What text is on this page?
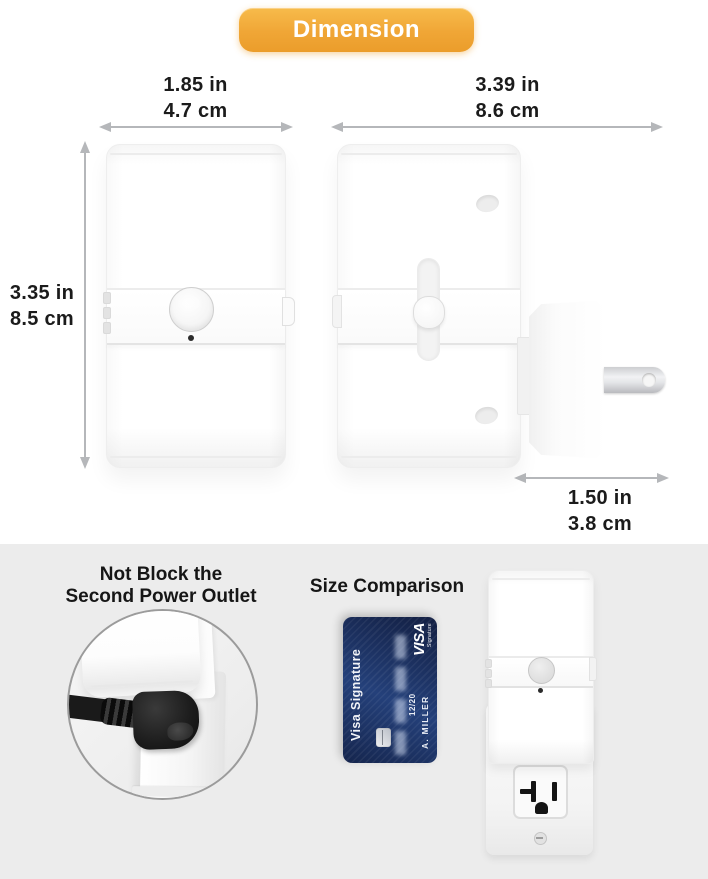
Dimension
1.85 in
4.7 cm
3.39 in
8.6 cm
3.35 in
8.5 cm
1.50 in
3.8 cm
Not Block the
Second Power Outlet	Size Comparison
Visa Signature	12/20 A. MILLER
VISA Signature
